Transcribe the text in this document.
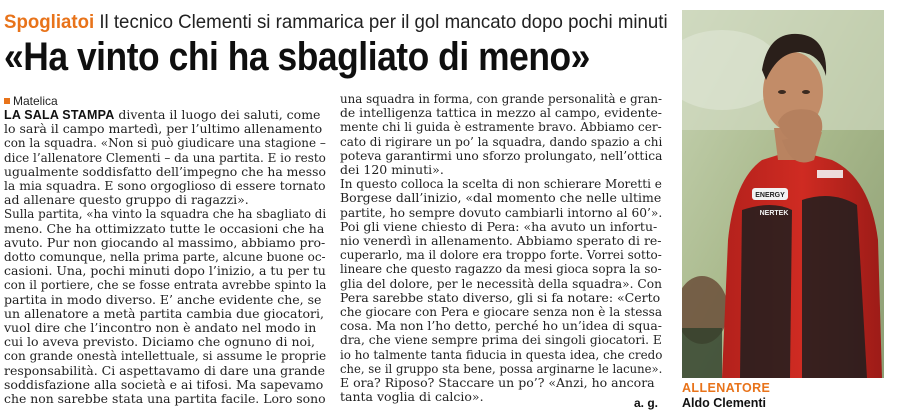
Spogliatoi Il tecnico Clementi si rammarica per il gol mancato dopo pochi minuti
«Ha vinto chi ha sbagliato di meno»
Matelica
LA SALA STAMPA diventa il luogo dei saluti, come
lo sarà il campo martedì, per l’ultimo allenamento
con la squadra. «Non si può giudicare una stagione –
dice l’allenatore Clementi – da una partita. E io resto
ugualmente soddisfatto dell’impegno che ha messo
la mia squadra. E sono orgoglioso di essere tornato
ad allenare questo gruppo di ragazzi».
Sulla partita, «ha vinto la squadra che ha sbagliato di
meno. Che ha ottimizzato tutte le occasioni che ha
avuto. Pur non giocando al massimo, abbiamo pro-
dotto comunque, nella prima parte, alcune buone oc-
casioni. Una, pochi minuti dopo l’inizio, a tu per tu
con il portiere, che se fosse entrata avrebbe spinto la
partita in modo diverso. E’ anche evidente che, se
un allenatore a metà partita cambia due giocatori,
vuol dire che l’incontro non è andato nel modo in
cui lo aveva previsto. Diciamo che ognuno di noi,
con grande onestà intellettuale, si assume le proprie
responsabilità. Ci aspettavamo di dare una grande
soddisfazione alla società e ai tifosi. Ma sapevamo
che non sarebbe stata una partita facile. Loro sono
una squadra in forma, con grande personalità e gran-
de intelligenza tattica in mezzo al campo, evidente-
mente chi li guida è estramente bravo. Abbiamo cer-
cato di rigirare un po’ la squadra, dando spazio a chi
poteva garantirmi uno sforzo prolungato, nell’ottica
dei 120 minuti».
In questo colloca la scelta di non schierare Moretti e
Borgese dall’inizio, «dal momento che nelle ultime
partite, ho sempre dovuto cambiarli intorno al 60’».
Poi gli viene chiesto di Pera: «ha avuto un infortu-
nio venerdì in allenamento. Abbiamo sperato di re-
cuperarlo, ma il dolore era troppo forte. Vorrei sotto-
lineare che questo ragazzo da mesi gioca sopra la so-
glia del dolore, per le necessità della squadra». Con
Pera sarebbe stato diverso, gli si fa notare: «Certo
che giocare con Pera e giocare senza non è la stessa
cosa. Ma non l’ho detto, perché ho un’idea di squa-
dra, che viene sempre prima dei singoli giocatori. E
io ho talmente tanta fiducia in questa idea, che credo
che, se il gruppo sta bene, possa arginarne le lacune».
E ora? Riposo? Staccare un po’? «Anzi, ho ancora
tanta voglia di calcio».	a. g.
ENERGY
NERTEK
ALLENATORE
Aldo Clementi
